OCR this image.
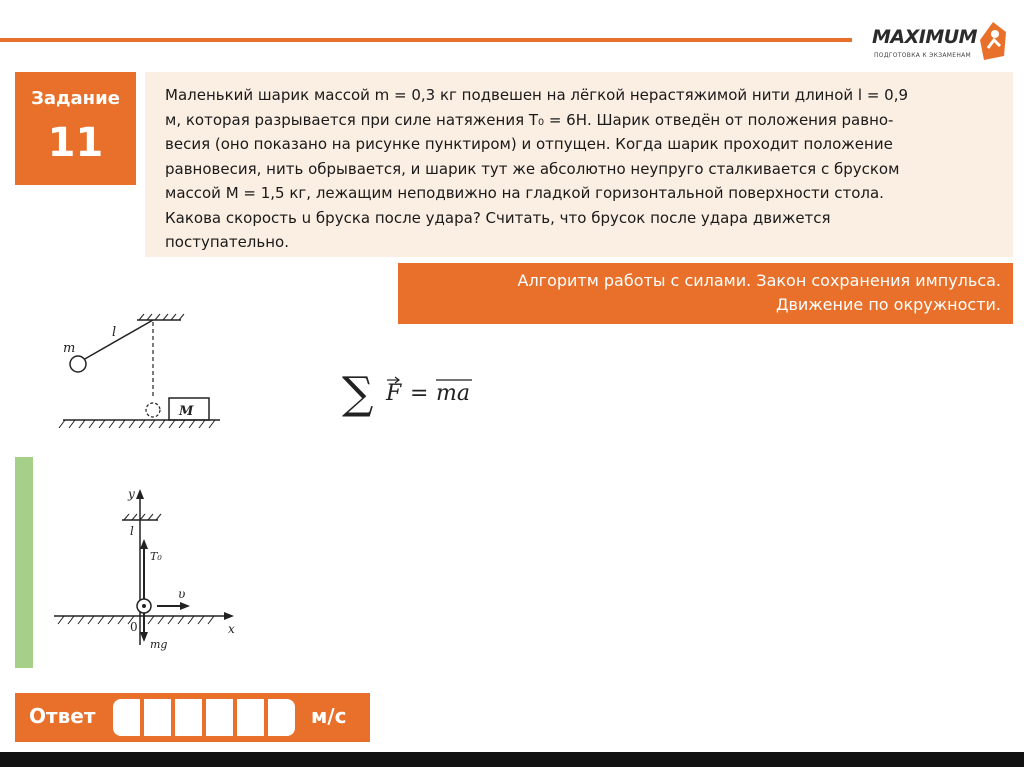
MAXIMUM
ПОДГОТОВКА К ЭКЗАМЕНАМ
Задание
11
Маленький шарик массой m = 0,3 кг подвешен на лёгкой нерастяжимой нити длиной l = 0,9
м, которая разрывается при силе натяжения T₀ = 6Н. Шарик отведён от положения равно-
весия (оно показано на рисунке пунктиром) и отпущен. Когда шарик проходит положение
равновесия, нить обрывается, и шарик тут же абсолютно неупруго сталкивается с бруском
массой M = 1,5 кг, лежащим неподвижно на гладкой горизонтальной поверхности стола.
Какова скорость u бруска после удара? Считать, что брусок после удара движется
поступательно.
Алгоритм работы с силами. Закон сохранения импульса.
Движение по окружности.
m
l
M	∑ F = ma
y
l
T₀
υ
0	x
mg
Ответ	м/с
